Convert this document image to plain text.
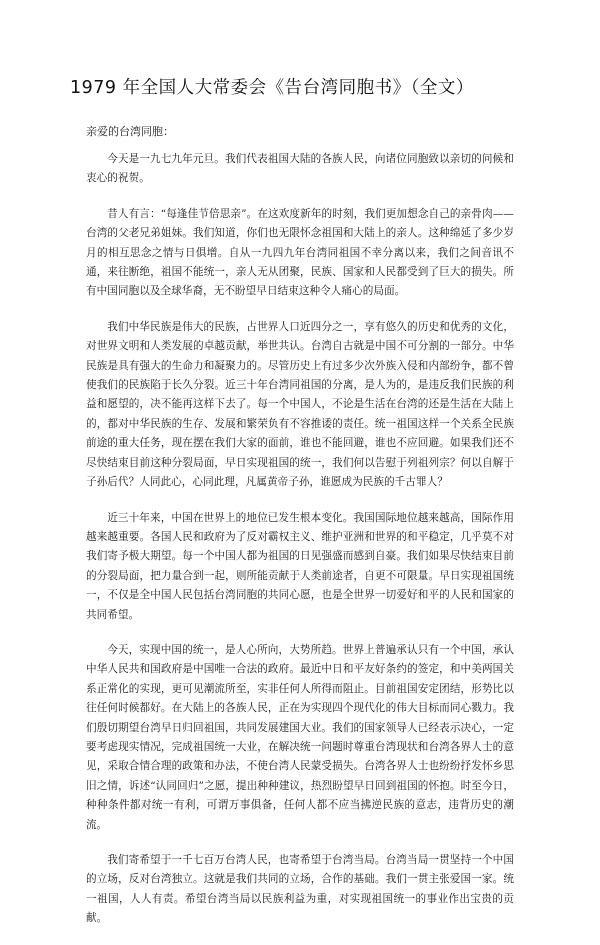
1979 年全国人大常委会《告台湾同胞书》（全文）
亲爱的台湾同胞：

今天是一九七九年元旦。我们代表祖国大陆的各族人民，向诸位同胞致以亲切的问候和衷心的祝贺。

昔人有言：“每逢佳节倍思亲”。在这欢度新年的时刻，我们更加想念自己的亲骨肉——台湾的父老兄弟姐妹。我们知道，你们也无限怀念祖国和大陆上的亲人。这种绵延了多少岁月的相互思念之情与日俱增。自从一九四九年台湾同祖国不幸分离以来，我们之间音讯不通，来往断绝，祖国不能统一，亲人无从团聚，民族、国家和人民都受到了巨大的损失。所有中国同胞以及全球华裔，无不盼望早日结束这种令人痛心的局面。

我们中华民族是伟大的民族，占世界人口近四分之一，享有悠久的历史和优秀的文化，对世界文明和人类发展的卓越贡献，举世共认。台湾自古就是中国不可分割的一部分。中华民族是具有强大的生命力和凝聚力的。尽管历史上有过多少次外族入侵和内部纷争，都不曾使我们的民族陷于长久分裂。近三十年台湾同祖国的分离，是人为的，是违反我们民族的利益和愿望的，决不能再这样下去了。每一个中国人，不论是生活在台湾的还是生活在大陆上的，都对中华民族的生存、发展和繁荣负有不容推诿的责任。统一祖国这样一个关系全民族前途的重大任务，现在摆在我们大家的面前，谁也不能回避，谁也不应回避。如果我们还不尽快结束目前这种分裂局面，早日实现祖国的统一，我们何以告慰于列祖列宗？何以自解于子孙后代？人同此心，心同此理，凡属黄帝子孙，谁愿成为民族的千古罪人？

近三十年来，中国在世界上的地位已发生根本变化。我国国际地位越来越高，国际作用越来越重要。各国人民和政府为了反对霸权主义、维护亚洲和世界的和平稳定，几乎莫不对我们寄予极大期望。每一个中国人都为祖国的日见强盛而感到自豪。我们如果尽快结束目前的分裂局面，把力量合到一起，则所能贡献于人类前途者，自更不可限量。早日实现祖国统一，不仅是全中国人民包括台湾同胞的共同心愿，也是全世界一切爱好和平的人民和国家的共同希望。

今天，实现中国的统一，是人心所向，大势所趋。世界上普遍承认只有一个中国，承认中华人民共和国政府是中国唯一合法的政府。最近中日和平友好条约的签定，和中美两国关系正常化的实现，更可见潮流所至，实非任何人所得而阻止。目前祖国安定团结，形势比以往任何时候都好。在大陆上的各族人民，正在为实现四个现代化的伟大目标而同心戮力。我们殷切期望台湾早日归回祖国，共同发展建国大业。我们的国家领导人已经表示决心，一定要考虑现实情况，完成祖国统一大业，在解决统一问题时尊重台湾现状和台湾各界人士的意见，采取合情合理的政策和办法，不使台湾人民蒙受损失。台湾各界人士也纷纷抒发怀乡思旧之情，诉述“认同回归”之愿，提出种种建议，热烈盼望早日回到祖国的怀抱。时至今日，种种条件都对统一有利，可谓万事俱备，任何人都不应当拂逆民族的意志，违背历史的潮流。

我们寄希望于一千七百万台湾人民，也寄希望于台湾当局。台湾当局一贯坚持一个中国的立场，反对台湾独立。这就是我们共同的立场，合作的基础。我们一贯主张爱国一家。统一祖国，人人有责。希望台湾当局以民族利益为重，对实现祖国统一的事业作出宝贵的贡献。
